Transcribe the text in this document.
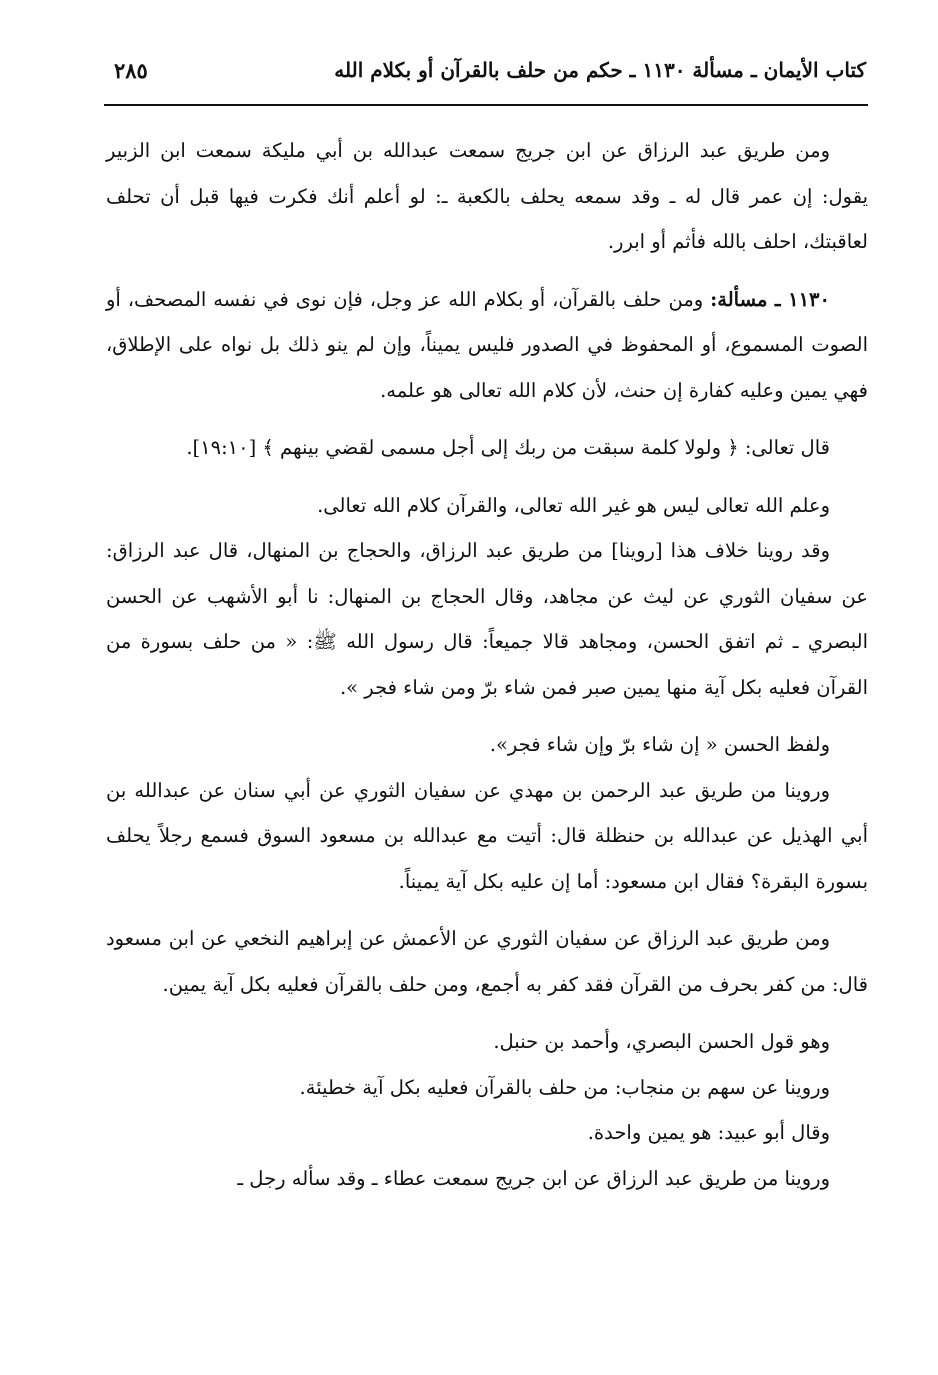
كتاب الأيمان ـ مسألة ١١٣٠ ـ حكم من حلف بالقرآن أو بكلام الله
٢٨٥

ومن طريق عبد الرزاق عن ابن جريج سمعت عبدالله بن أبي مليكة سمعت ابن الزبير يقول: إن عمر قال له ـ وقد سمعه يحلف بالكعبة ـ: لو أعلم أنك فكرت فيها قبل أن تحلف لعاقبتك، احلف بالله فأثم أو ابرر.

١١٣٠ ـ مسألة: ومن حلف بالقرآن، أو بكلام الله عز وجل، فإن نوى في نفسه المصحف، أو الصوت المسموع، أو المحفوظ في الصدور فليس يميناً، وإن لم ينو ذلك بل نواه على الإطلاق، فهي يمين وعليه كفارة إن حنث، لأن كلام الله تعالى هو علمه.

قال تعالى: ﴿ ولولا كلمة سبقت من ربك إلى أجل مسمى لقضي بينهم ﴾ [١٩:١٠].

وعلم الله تعالى ليس هو غير الله تعالى، والقرآن كلام الله تعالى.

وقد روينا خلاف هذا [روينا] من طريق عبد الرزاق، والحجاج بن المنهال، قال عبد الرزاق: عن سفيان الثوري عن ليث عن مجاهد، وقال الحجاج بن المنهال: نا أبو الأشهب عن الحسن البصري ـ ثم اتفق الحسن، ومجاهد قالا جميعاً: قال رسول الله ﷺ: « من حلف بسورة من القرآن فعليه بكل آية منها يمين صبر فمن شاء برّ ومن شاء فجر ».

ولفظ الحسن « إن شاء برّ وإن شاء فجر».

وروينا من طريق عبد الرحمن بن مهدي عن سفيان الثوري عن أبي سنان عن عبدالله بن أبي الهذيل عن عبدالله بن حنظلة قال: أتيت مع عبدالله بن مسعود السوق فسمع رجلاً يحلف بسورة البقرة؟ فقال ابن مسعود: أما إن عليه بكل آية يميناً.

ومن طريق عبد الرزاق عن سفيان الثوري عن الأعمش عن إبراهيم النخعي عن ابن مسعود قال: من كفر بحرف من القرآن فقد كفر به أجمع، ومن حلف بالقرآن فعليه بكل آية يمين.

وهو قول الحسن البصري، وأحمد بن حنبل.

وروينا عن سهم بن منجاب: من حلف بالقرآن فعليه بكل آية خطيئة.

وقال أبو عبيد: هو يمين واحدة.

وروينا من طريق عبد الرزاق عن ابن جريج سمعت عطاء ـ وقد سأله رجل ـ
